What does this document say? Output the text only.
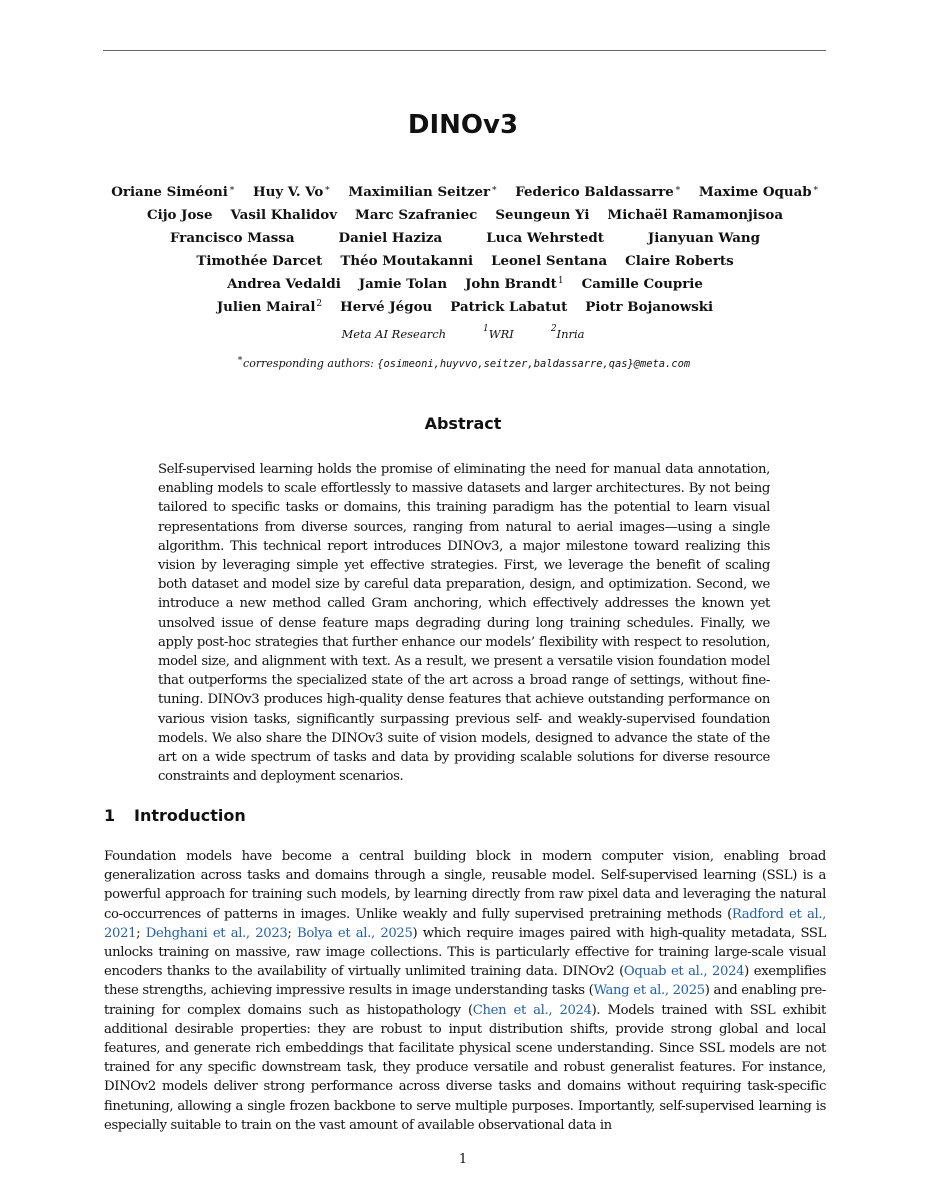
DINOv3
Oriane Siméoni∗ Huy V. Vo∗ Maximilian Seitzer∗ Federico Baldassarre∗ Maxime Oquab∗
Cijo Jose Vasil Khalidov Marc Szafraniec Seungeun Yi Michaël Ramamonjisoa
Francisco Massa	Daniel Haziza	Luca Wehrstedt	Jianyuan Wang
Timothée Darcet Théo Moutakanni Leonel Sentana Claire Roberts
Andrea Vedaldi Jamie Tolan John Brandt$^1$ Camille Couprie
Julien Mairal$^2$ Hervé Jégou Patrick Labatut Piotr Bojanowski
Meta AI Research	$^1$WRI	$^2$Inria
∗corresponding authors: {osimeoni,huyvvo,seitzer,baldassarre,qas}@meta.com
Abstract
Self-supervised learning holds the promise of eliminating the need for manual data annotation, enabling models to scale effortlessly to massive datasets and larger architectures. By not being tailored to specific tasks or domains, this training paradigm has the potential to learn visual representations from diverse sources, ranging from natural to aerial images—using a single algorithm. This technical report introduces DINOv3, a major milestone toward realizing this vision by leveraging simple yet effective strategies. First, we leverage the benefit of scaling both dataset and model size by careful data preparation, design, and optimization. Second, we introduce a new method called Gram anchoring, which effectively addresses the known yet unsolved issue of dense feature maps degrading during long training schedules. Finally, we apply post-hoc strategies that further enhance our models’ flexibility with respect to resolution, model size, and alignment with text. As a result, we present a versatile vision foundation model that outperforms the specialized state of the art across a broad range of settings, without fine-tuning. DINOv3 produces high-quality dense features that achieve outstanding performance on various vision tasks, significantly surpassing previous self- and weakly-supervised foundation models. We also share the DINOv3 suite of vision models, designed to advance the state of the art on a wide spectrum of tasks and data by providing scalable solutions for diverse resource constraints and deployment scenarios.
1 Introduction
Foundation models have become a central building block in modern computer vision, enabling broad generalization across tasks and domains through a single, reusable model. Self-supervised learning (SSL) is a powerful approach for training such models, by learning directly from raw pixel data and leveraging the natural co-occurrences of patterns in images. Unlike weakly and fully supervised pretraining methods (Radford et al., 2021; Dehghani et al., 2023; Bolya et al., 2025) which require images paired with high-quality metadata, SSL unlocks training on massive, raw image collections. This is particularly effective for training large-scale visual encoders thanks to the availability of virtually unlimited training data. DINOv2 (Oquab et al., 2024) exemplifies these strengths, achieving impressive results in image understanding tasks (Wang et al., 2025) and enabling pre-training for complex domains such as histopathology (Chen et al., 2024). Models trained with SSL exhibit additional desirable properties: they are robust to input distribution shifts, provide strong global and local features, and generate rich embeddings that facilitate physical scene understanding. Since SSL models are not trained for any specific downstream task, they produce versatile and robust generalist features. For instance, DINOv2 models deliver strong performance across diverse tasks and domains without requiring task-specific finetuning, allowing a single frozen backbone to serve multiple purposes. Importantly, self-supervised learning is especially suitable to train on the vast amount of available observational data in
1
